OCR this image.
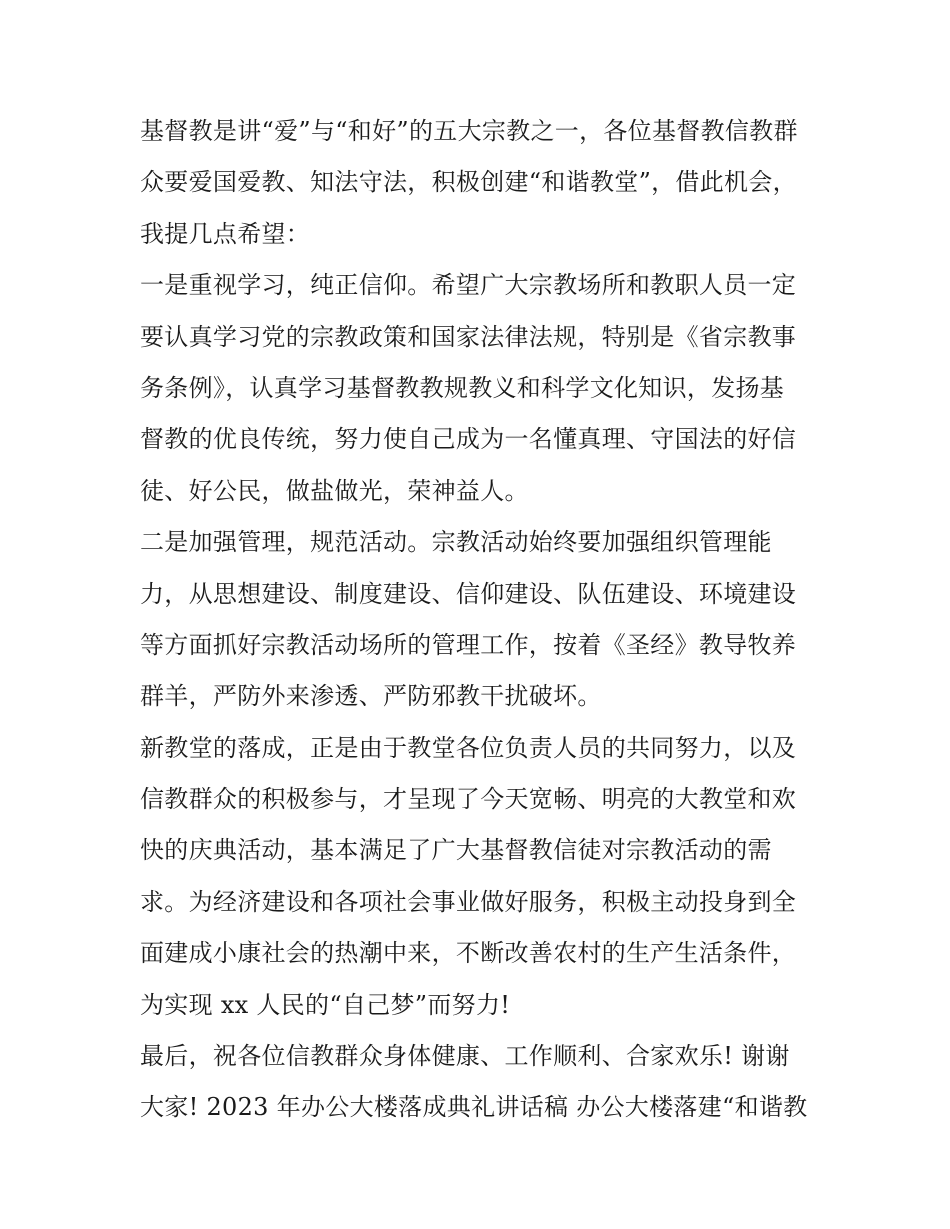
基督教是讲“爱”与“和好”的五大宗教之一，各位基督教信教群
众要爱国爱教、知法守法，积极创建“和谐教堂”，借此机会，
我提几点希望：
一是重视学习，纯正信仰。希望广大宗教场所和教职人员一定
要认真学习党的宗教政策和国家法律法规，特别是《省宗教事
务条例》，认真学习基督教教规教义和科学文化知识，发扬基
督教的优良传统，努力使自己成为一名懂真理、守国法的好信
徒、好公民，做盐做光，荣神益人。
二是加强管理，规范活动。宗教活动始终要加强组织管理能
力，从思想建设、制度建设、信仰建设、队伍建设、环境建设
等方面抓好宗教活动场所的管理工作，按着《圣经》教导牧养
群羊，严防外来渗透、严防邪教干扰破坏。
新教堂的落成，正是由于教堂各位负责人员的共同努力，以及
信教群众的积极参与，才呈现了今天宽畅、明亮的大教堂和欢
快的庆典活动，基本满足了广大基督教信徒对宗教活动的需
求。为经济建设和各项社会事业做好服务，积极主动投身到全
面建成小康社会的热潮中来，不断改善农村的生产生活条件，
为实现 xx 人民的“自己梦”而努力!
最后，祝各位信教群众身体健康、工作顺利、合家欢乐! 谢谢
大家! 2023 年办公大楼落成典礼讲话稿 办公大楼落建“和谐教
